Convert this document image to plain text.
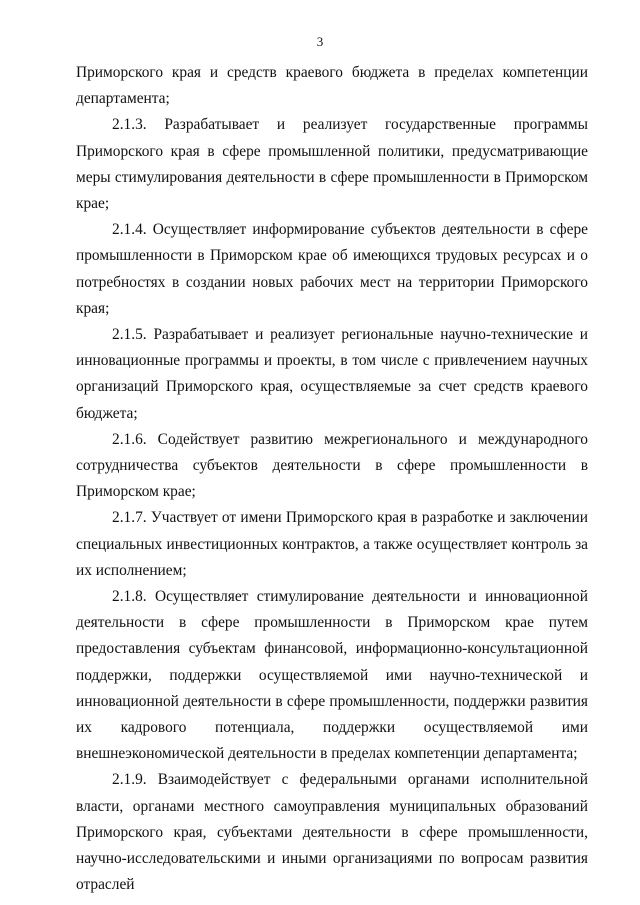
3

Приморского края и средств краевого бюджета в пределах компетенции департамента;

2.1.3. Разрабатывает и реализует государственные программы Приморского края в сфере промышленной политики, предусматривающие меры стимулирования деятельности в сфере промышленности в Приморском крае;

2.1.4. Осуществляет информирование субъектов деятельности в сфере промышленности в Приморском крае об имеющихся трудовых ресурсах и о потребностях в создании новых рабочих мест на территории Приморского края;

2.1.5. Разрабатывает и реализует региональные научно-технические и инновационные программы и проекты, в том числе с привлечением научных организаций Приморского края, осуществляемые за счет средств краевого бюджета;

2.1.6. Содействует развитию межрегионального и международного сотрудничества субъектов деятельности в сфере промышленности в Приморском крае;

2.1.7. Участвует от имени Приморского края в разработке и заключении специальных инвестиционных контрактов, а также осуществляет контроль за их исполнением;

2.1.8. Осуществляет стимулирование деятельности и инновационной деятельности в сфере промышленности в Приморском крае путем предоставления субъектам финансовой, информационно-консультационной поддержки, поддержки осуществляемой ими научно-технической и инновационной деятельности в сфере промышленности, поддержки развития их кадрового потенциала, поддержки осуществляемой ими внешнеэкономической деятельности в пределах компетенции департамента;

2.1.9. Взаимодействует с федеральными органами исполнительной власти, органами местного самоуправления муниципальных образований Приморского края, субъектами деятельности в сфере промышленности, научно-исследовательскими и иными организациями по вопросам развития отраслей
